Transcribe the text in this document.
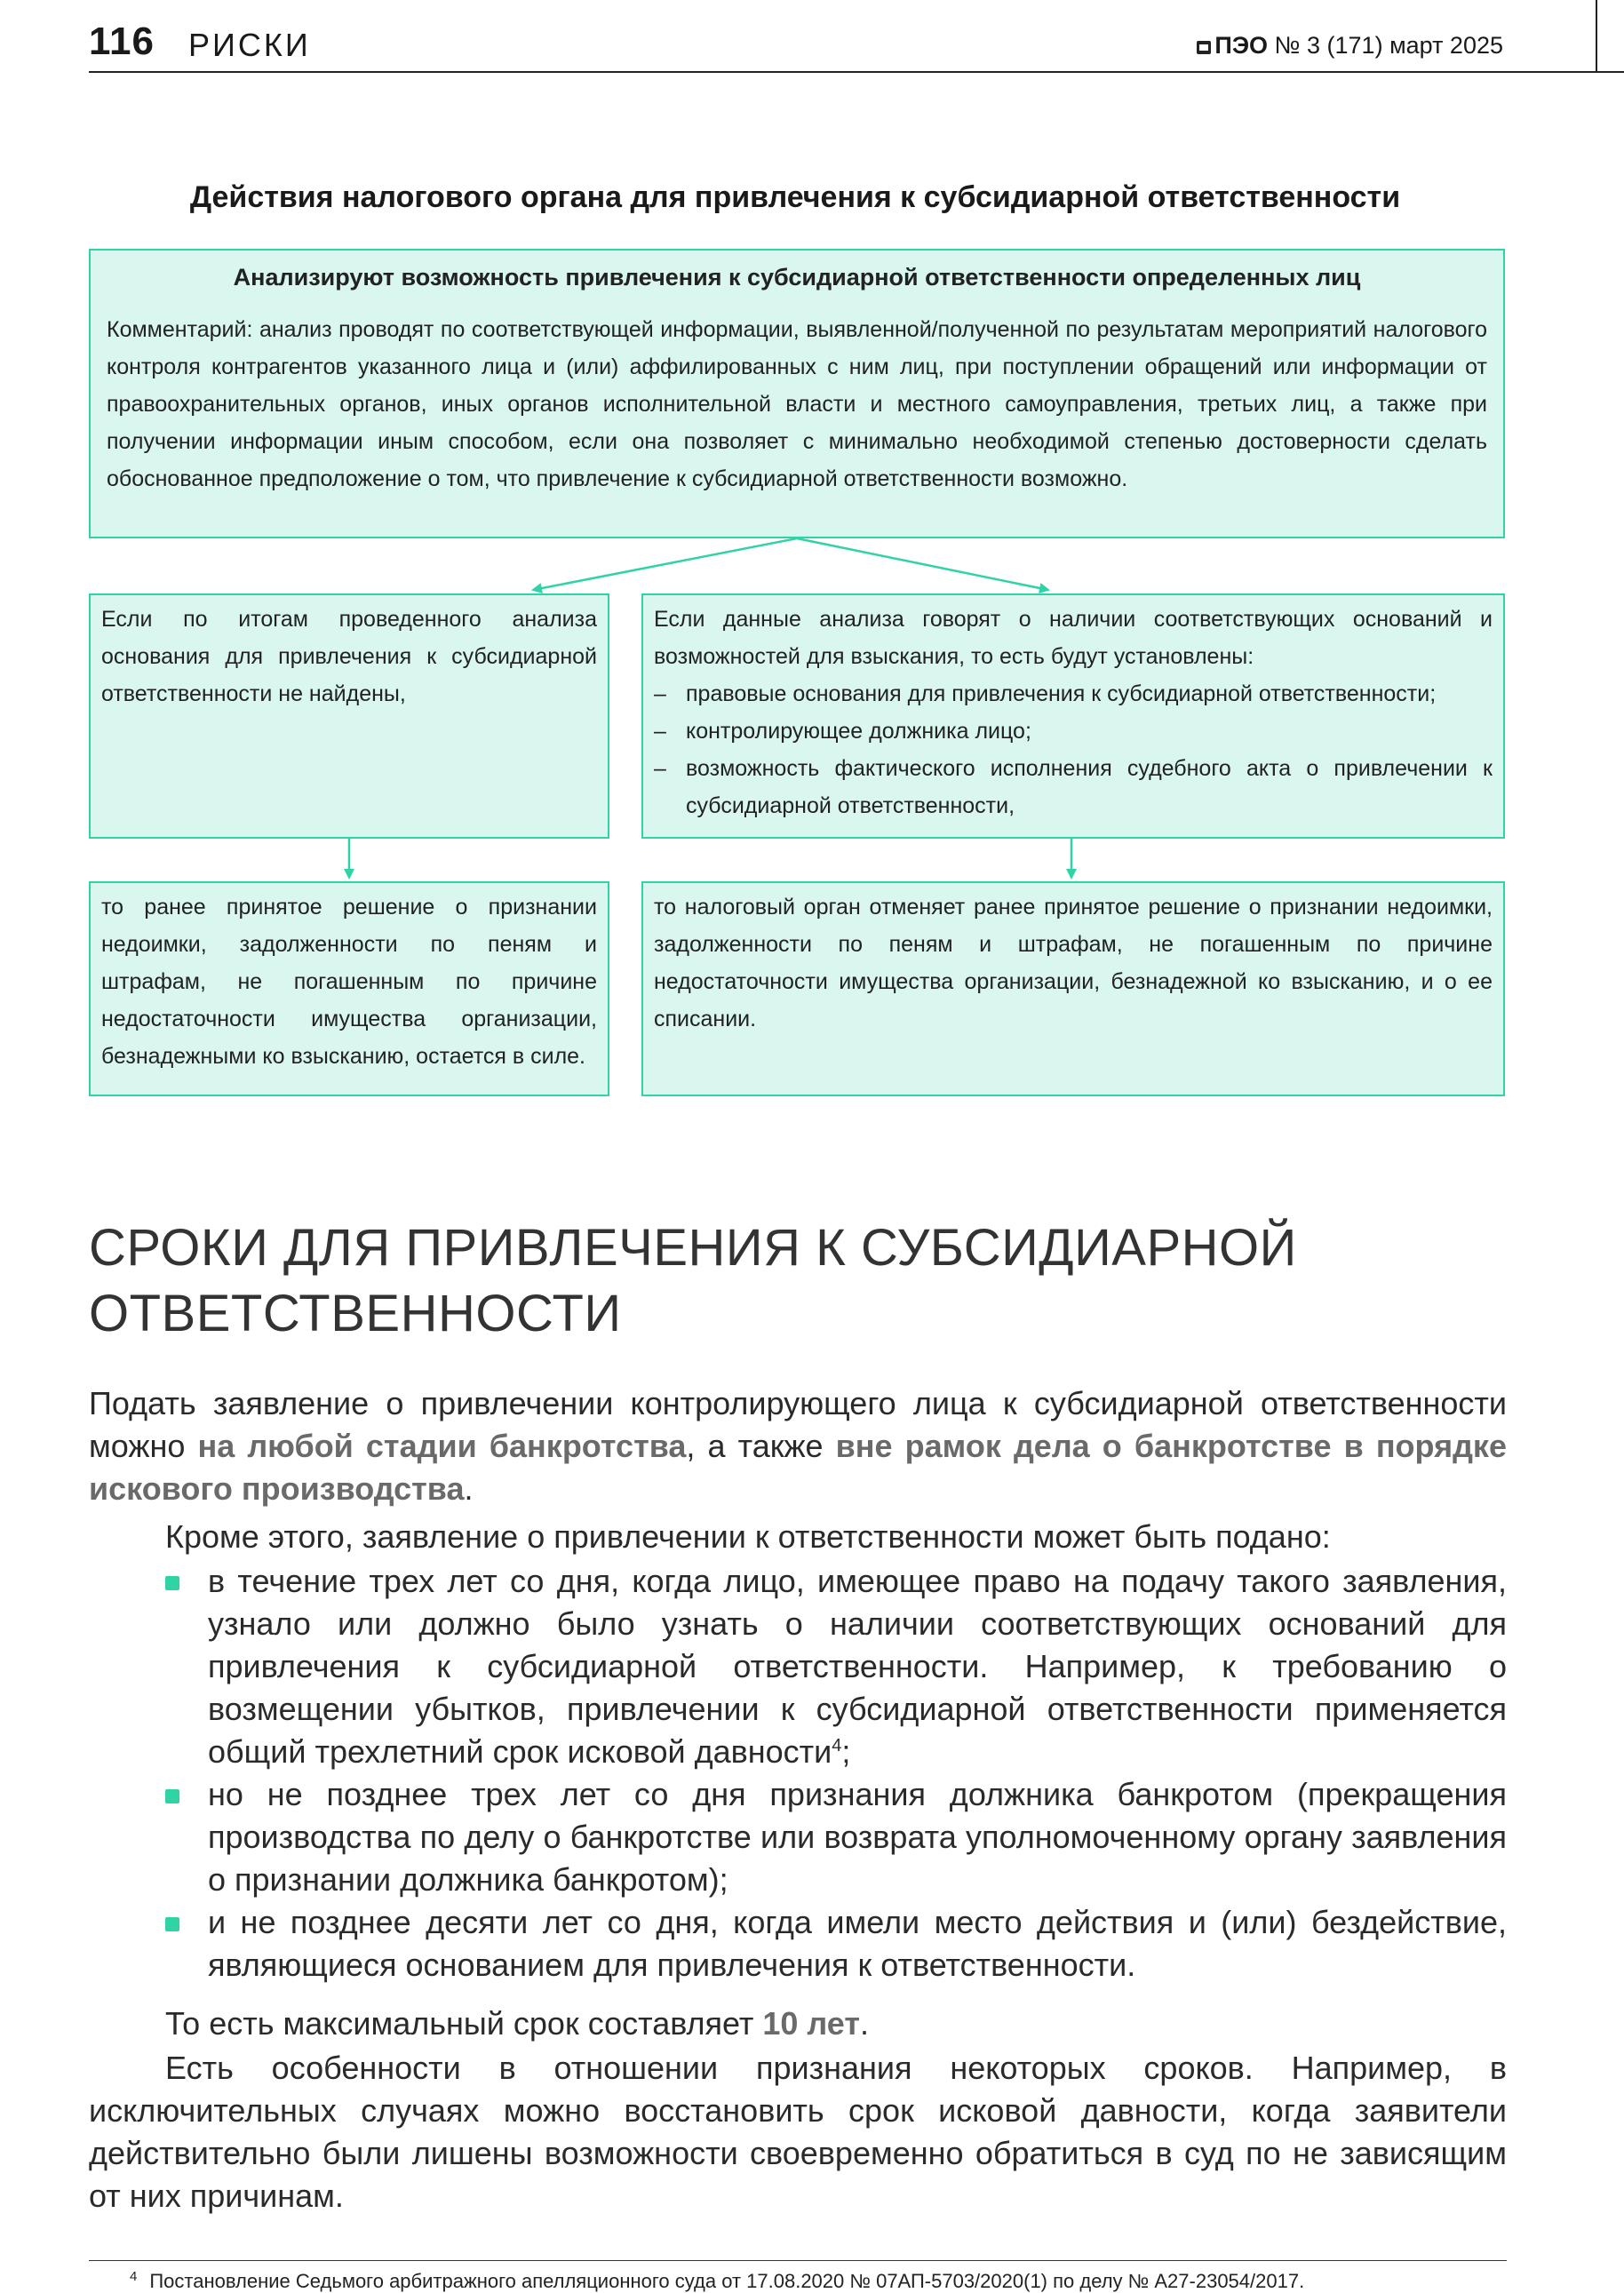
116 РИСКИ	ПЭО № 3 (171) март 2025
Действия налогового органа для привлечения к субсидиарной ответственности
Анализируют возможность привлечения к субсидиарной ответственности определенных лиц
Комментарий: анализ проводят по соответствующей информации, выявленной/полученной по результатам мероприятий налогового контроля контрагентов указанного лица и (или) аффилированных с ним лиц, при поступлении обращений или информации от правоохранительных органов, иных органов исполнительной власти и местного самоуправления, третьих лиц, а также при получении информации иным способом, если она позволяет с минимально необходимой степенью достоверности сделать обоснованное предположение о том, что привлечение к субсидиарной ответственности возможно.
Если по итогам проведенного анализа основания для привлечения к субсидиарной ответственности не найдены,
Если данные анализа говорят о наличии соответствующих оснований и возможностей для взыскания, то есть будут установлены:
– правовые основания для привлечения к субсидиарной ответственности;
– контролирующее должника лицо;
– возможность фактического исполнения судебного акта о привлечении к субсидиарной ответственности,
то ранее принятое решение о признании недоимки, задолженности по пеням и штрафам, не погашенным по причине недостаточности имущества организации, безнадежными ко взысканию, остается в силе.
то налоговый орган отменяет ранее принятое решение о признании недоимки, задолженности по пеням и штрафам, не погашенным по причине недостаточности имущества организации, безнадежной ко взысканию, и о ее списании.
СРОКИ ДЛЯ ПРИВЛЕЧЕНИЯ К СУБСИДИАРНОЙ
ОТВЕТСТВЕННОСТИ
Подать заявление о привлечении контролирующего лица к субсидиарной ответственности можно на любой стадии банкротства, а также вне рамок дела о банкротстве в порядке искового производства.
Кроме этого, заявление о привлечении к ответственности может быть подано:
в течение трех лет со дня, когда лицо, имеющее право на подачу такого заявления, узнало или должно было узнать о наличии соответствующих оснований для привлечения к субсидиарной ответственности. Например, к требованию о возмещении убытков, привлечении к субсидиарной ответственности применяется общий трехлетний срок исковой давности$^4$;
но не позднее трех лет со дня признания должника банкротом (прекращения производства по делу о банкротстве или возврата уполномоченному органу заявления о признании должника банкротом);
и не позднее десяти лет со дня, когда имели место действия и (или) бездействие, являющиеся основанием для привлечения к ответственности.
То есть максимальный срок составляет 10 лет.
Есть особенности в отношении признания некоторых сроков. Например, в исключительных случаях можно восстановить срок исковой давности, когда заявители действительно были лишены возможности своевременно обратиться в суд по не зависящим от них причинам.
$^4$ Постановление Седьмого арбитражного апелляционного суда от 17.08.2020 № 07АП-5703/2020(1) по делу № А27-23054/2017.
